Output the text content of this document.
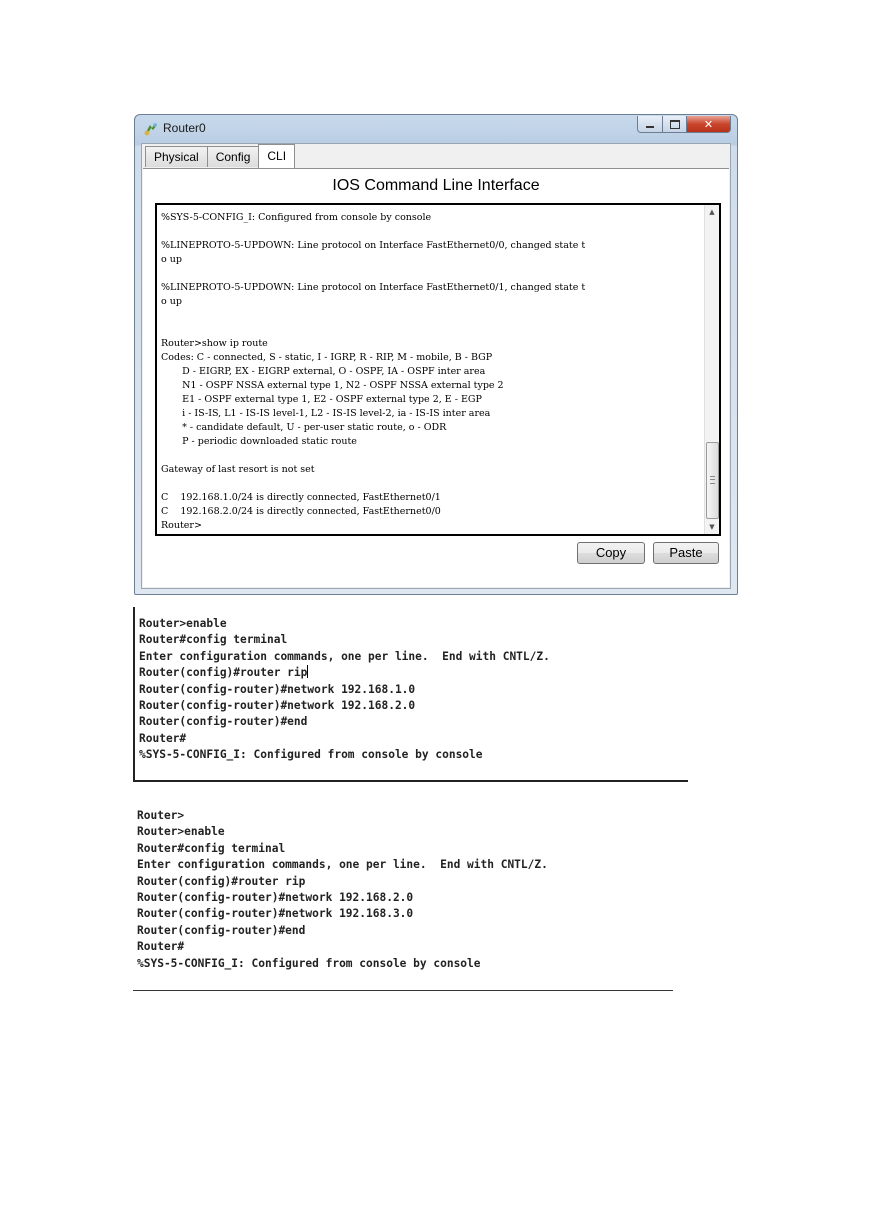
Router0	✕
Physical	Config	CLI
IOS Command Line Interface
%SYS-5-CONFIG_I: Configured from console by console

%LINEPROTO-5-UPDOWN: Line protocol on Interface FastEthernet0/0, changed state t
o up

%LINEPROTO-5-UPDOWN: Line protocol on Interface FastEthernet0/1, changed state t
o up

Router>show ip route
Codes: C - connected, S - static, I - IGRP, R - RIP, M - mobile, B - BGP
D - EIGRP, EX - EIGRP external, O - OSPF, IA - OSPF inter area
N1 - OSPF NSSA external type 1, N2 - OSPF NSSA external type 2
E1 - OSPF external type 1, E2 - OSPF external type 2, E - EGP
i - IS-IS, L1 - IS-IS level-1, L2 - IS-IS level-2, ia - IS-IS inter area
* - candidate default, U - per-user static route, o - ODR
P - periodic downloaded static route

Gateway of last resort is not set

C    192.168.1.0/24 is directly connected, FastEthernet0/1
C    192.168.2.0/24 is directly connected, FastEthernet0/0
Router>
▲
▼
Copy	Paste
Router>enable
Router#config terminal
Enter configuration commands, one per line.  End with CNTL/Z.
Router(config)#router rip
Router(config-router)#network 192.168.1.0
Router(config-router)#network 192.168.2.0
Router(config-router)#end
Router#
%SYS-5-CONFIG_I: Configured from console by console
Router>
Router>enable
Router#config terminal
Enter configuration commands, one per line.  End with CNTL/Z.
Router(config)#router rip
Router(config-router)#network 192.168.2.0
Router(config-router)#network 192.168.3.0
Router(config-router)#end
Router#
%SYS-5-CONFIG_I: Configured from console by console
